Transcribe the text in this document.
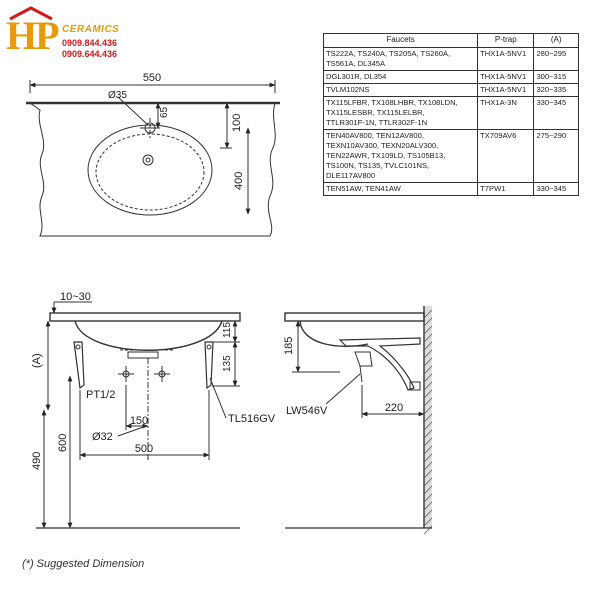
HP CERAMICS
0909.844.436
0909.644.436
Faucets	P-trap	(A)

TS222A, TS240A, TS205A, TS260A,
TS561A, DL345A	THX1A-5NV1	280~295

DGL301R, DL354	THX1A-5NV1	300~315

TVLM102NS	THX1A-5NV1	320~335

TX115LFBR, TX108LHBR, TX108LDN,
TX115LESBR, TX115LELBR,
TTLR301F-1N, TTLR302F-1N	THX1A-3N	330~345

TEN40AV800, TEN12AV800,
TEXN10AV300, TEXN20ALV300,
TEN22AWR, TX109LD, TS105B13,
TS100N, TS135, TVLC101NS,
DLE117AV800	TX709AV6	275~290

TEN51AW, TEN41AW	T7PW1	330~345
550
Ø35
65
100
400
10~30
(A)
115
135
PT1/2
150
Ø32
TL516GV
500
600
490
185
LW546V	220
(*) Suggested Dimension
